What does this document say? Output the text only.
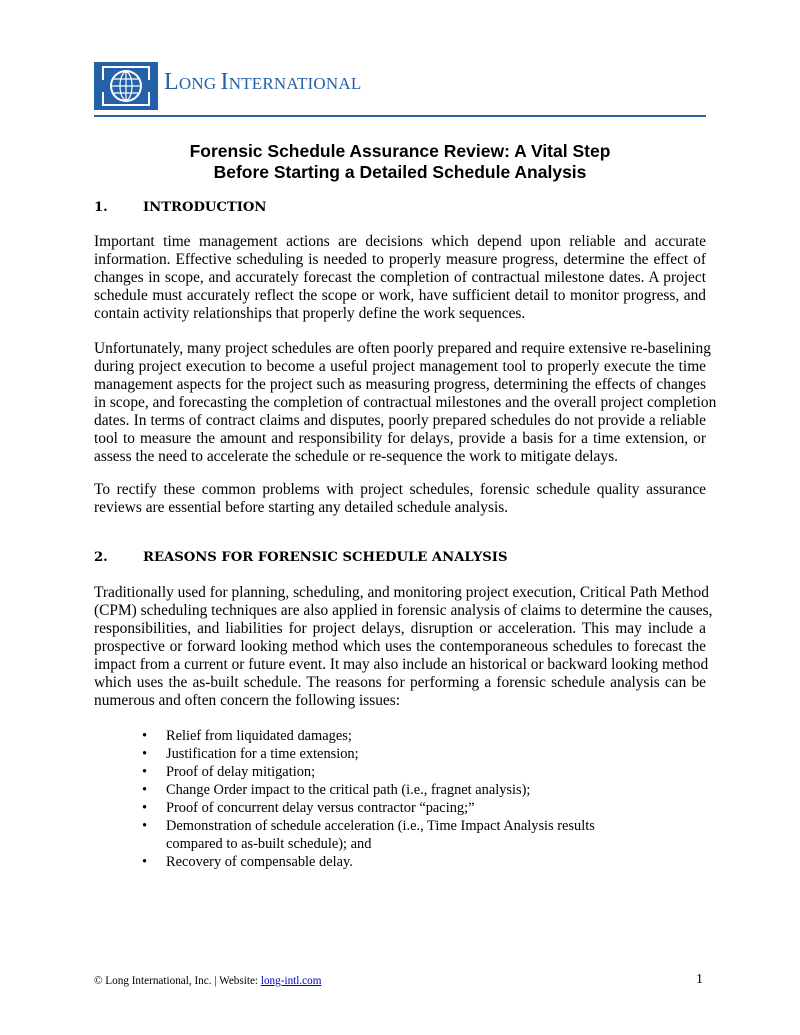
LONG INTERNATIONAL
Forensic Schedule Assurance Review: A Vital Step
Before Starting a Detailed Schedule Analysis
1.	INTRODUCTION
Important time management actions are decisions which depend upon reliable and accurate
information. Effective scheduling is needed to properly measure progress, determine the effect of
changes in scope, and accurately forecast the completion of contractual milestone dates. A project
schedule must accurately reflect the scope or work, have sufficient detail to monitor progress, and
contain activity relationships that properly define the work sequences.
Unfortunately, many project schedules are often poorly prepared and require extensive re-baselining
during project execution to become a useful project management tool to properly execute the time
management aspects for the project such as measuring progress, determining the effects of changes
in scope, and forecasting the completion of contractual milestones and the overall project completion
dates. In terms of contract claims and disputes, poorly prepared schedules do not provide a reliable
tool to measure the amount and responsibility for delays, provide a basis for a time extension, or
assess the need to accelerate the schedule or re-sequence the work to mitigate delays.
To rectify these common problems with project schedules, forensic schedule quality assurance
reviews are essential before starting any detailed schedule analysis.
2.	REASONS FOR FORENSIC SCHEDULE ANALYSIS
Traditionally used for planning, scheduling, and monitoring project execution, Critical Path Method
(CPM) scheduling techniques are also applied in forensic analysis of claims to determine the causes,
responsibilities, and liabilities for project delays, disruption or acceleration. This may include a
prospective or forward looking method which uses the contemporaneous schedules to forecast the
impact from a current or future event. It may also include an historical or backward looking method
which uses the as-built schedule. The reasons for performing a forensic schedule analysis can be
numerous and often concern the following issues:
• Relief from liquidated damages;
• Justification for a time extension;
• Proof of delay mitigation;
• Change Order impact to the critical path (i.e., fragnet analysis);
• Proof of concurrent delay versus contractor “pacing;”
• Demonstration of schedule acceleration (i.e., Time Impact Analysis results
compared to as-built schedule); and
• Recovery of compensable delay.
© Long International, Inc. | Website: long-intl.com	1
